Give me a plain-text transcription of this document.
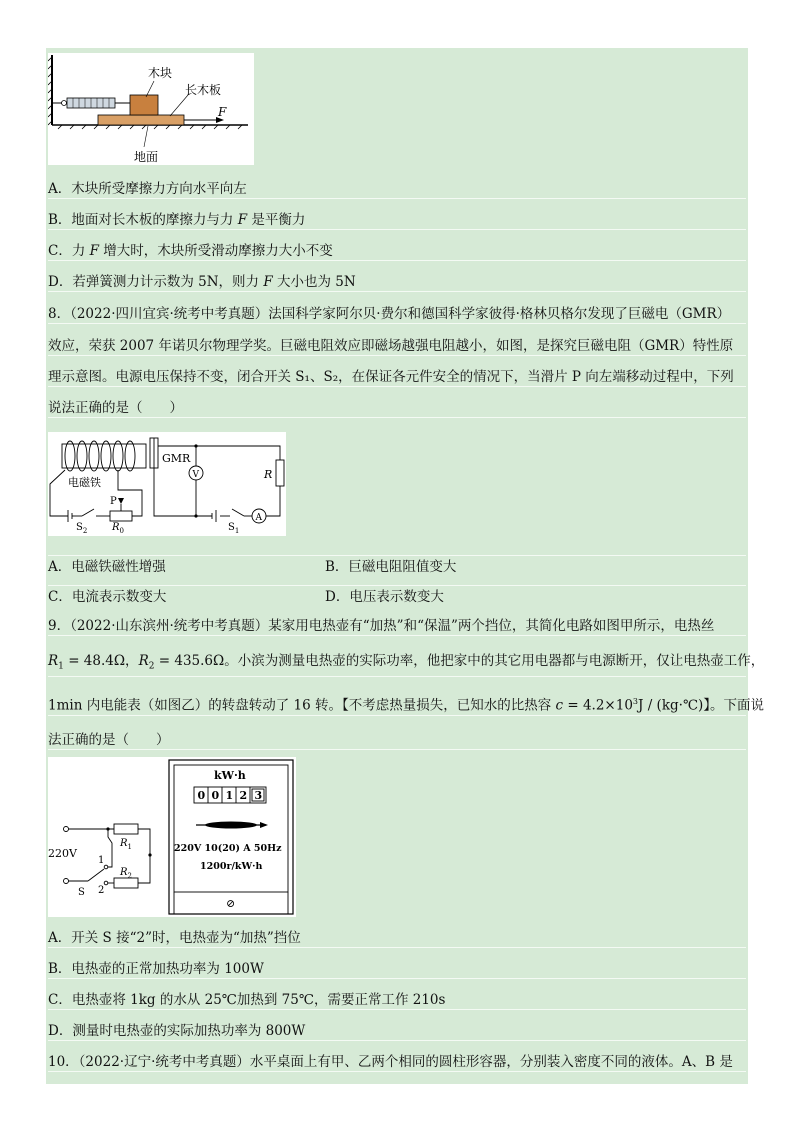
木块
长木板
F
地面
A．木块所受摩擦力方向水平向左
B．地面对长木板的摩擦力与力 F 是平衡力
C．力 F 增大时，木块所受滑动摩擦力大小不变
D．若弹簧测力计示数为 5N，则力 F 大小也为 5N
8．（2022·四川宜宾·统考中考真题）法国科学家阿尔贝·费尔和德国科学家彼得·格林贝格尔发现了巨磁电（GMR）
效应，荣获 2007 年诺贝尔物理学奖。巨磁电阻效应即磁场越强电阻越小，如图，是探究巨磁电阻（GMR）特性原
理示意图。电源电压保持不变，闭合开关 S₁、S₂，在保证各元件安全的情况下，当滑片 P 向左端移动过程中，下列
说法正确的是（　　）
GMR
电磁铁
P
$S_2$ $R_0$
R
$S_1$
V
A
A．电磁铁磁性增强	B．巨磁电阻阻值变大
C．电流表示数变大	D．电压表示数变大
9．（2022·山东滨州·统考中考真题）某家用电热壶有“加热”和“保温”两个挡位，其简化电路如图甲所示，电热丝
$R_1 = 48.4\Omega$，$R_2 = 435.6\Omega$。小滨为测量电热壶的实际功率，他把家中的其它用电器都与电源断开，仅让电热壶工作，
1min 内电能表（如图乙）的转盘转动了 16 转。【不考虑热量损失，已知水的比热容 $c = 4.2\times 10^3J$ / (kg·℃)】。下面说
法正确的是（　　）
220V
$R_1$
$R_2$
1
2
S
kW·h
0 0 1 2 3
220V 10(20) A 50Hz
1200r/kW·h
⊘
A．开关 S 接“2”时，电热壶为“加热”挡位
B．电热壶的正常加热功率为 100W
C．电热壶将 1kg 的水从 25℃加热到 75℃，需要正常工作 210s
D．测量时电热壶的实际加热功率为 800W
10．（2022·辽宁·统考中考真题）水平桌面上有甲、乙两个相同的圆柱形容器，分别装入密度不同的液体。A、B 是
